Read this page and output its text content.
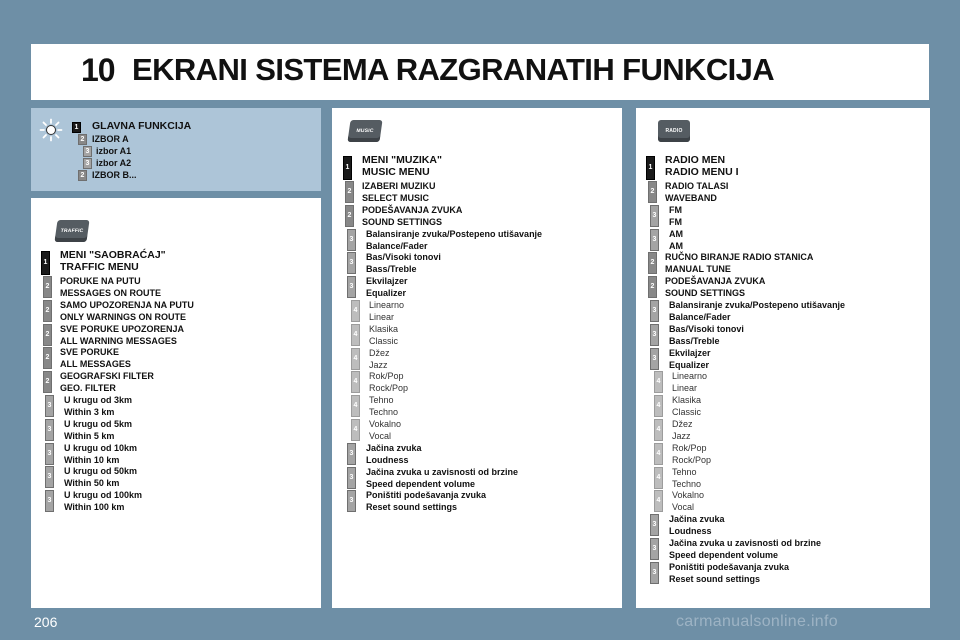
10 EKRANI SISTEMA RAZGRANATIH FUNKCIJA
TRAFFIC
MUSIC	RADIO
1 GLAVNA FUNKCIJA
2 IZBOR A
3 izbor A1
3 izbor A2
2 IZBOR B...
1
MENI "SAOBRAĆAJ"
TRAFFIC MENU
2
PORUKE NA PUTU
MESSAGES ON ROUTE
2
SAMO UPOZORENJA NA PUTU
ONLY WARNINGS ON ROUTE
2
SVE PORUKE UPOZORENJA
ALL WARNING MESSAGES
2
SVE PORUKE
ALL MESSAGES
2
GEOGRAFSKI FILTER
GEO. FILTER
3
U krugu od 3km
Within 3 km
3
U krugu od 5km
Within 5 km
3
U krugu od 10km
Within 10 km
3
U krugu od 50km
Within 50 km
3
U krugu od 100km
Within 100 km
1
MENI "MUZIKA"
MUSIC MENU
2
IZABERI MUZIKU
SELECT MUSIC
2
PODEŠAVANJA ZVUKA
SOUND SETTINGS
3
Balansiranje zvuka/Postepeno utišavanje
Balance/Fader
3
Bas/Visoki tonovi
Bass/Treble
3
Ekvilajzer
Equalizer
4
Linearno
Linear
4
Klasika
Classic
4
Džez
Jazz
4
Rok/Pop
Rock/Pop
4
Tehno
Techno
4
Vokalno
Vocal
3
Jačina zvuka
Loudness
3
Jačina zvuka u zavisnosti od brzine
Speed dependent volume
3
Poništiti podešavanja zvuka
Reset sound settings
1
RADIO MEN
RADIO MENU I
2
RADIO TALASI
WAVEBAND
3
FM
FM
3
AM
AM
2
RUČNO BIRANJE RADIO STANICA
MANUAL TUNE
2
PODEŠAVANJA ZVUKA
SOUND SETTINGS
3
Balansiranje zvuka/Postepeno utišavanje
Balance/Fader
3
Bas/Visoki tonovi
Bass/Treble
3
Ekvilajzer
Equalizer
4
Linearno
Linear
4
Klasika
Classic
4
Džez
Jazz
4
Rok/Pop
Rock/Pop
4
Tehno
Techno
4
Vokalno
Vocal
3
Jačina zvuka
Loudness
3
Jačina zvuka u zavisnosti od brzine
Speed dependent volume
3
Poništiti podešavanja zvuka
Reset sound settings
206	carmanualsonline.info
